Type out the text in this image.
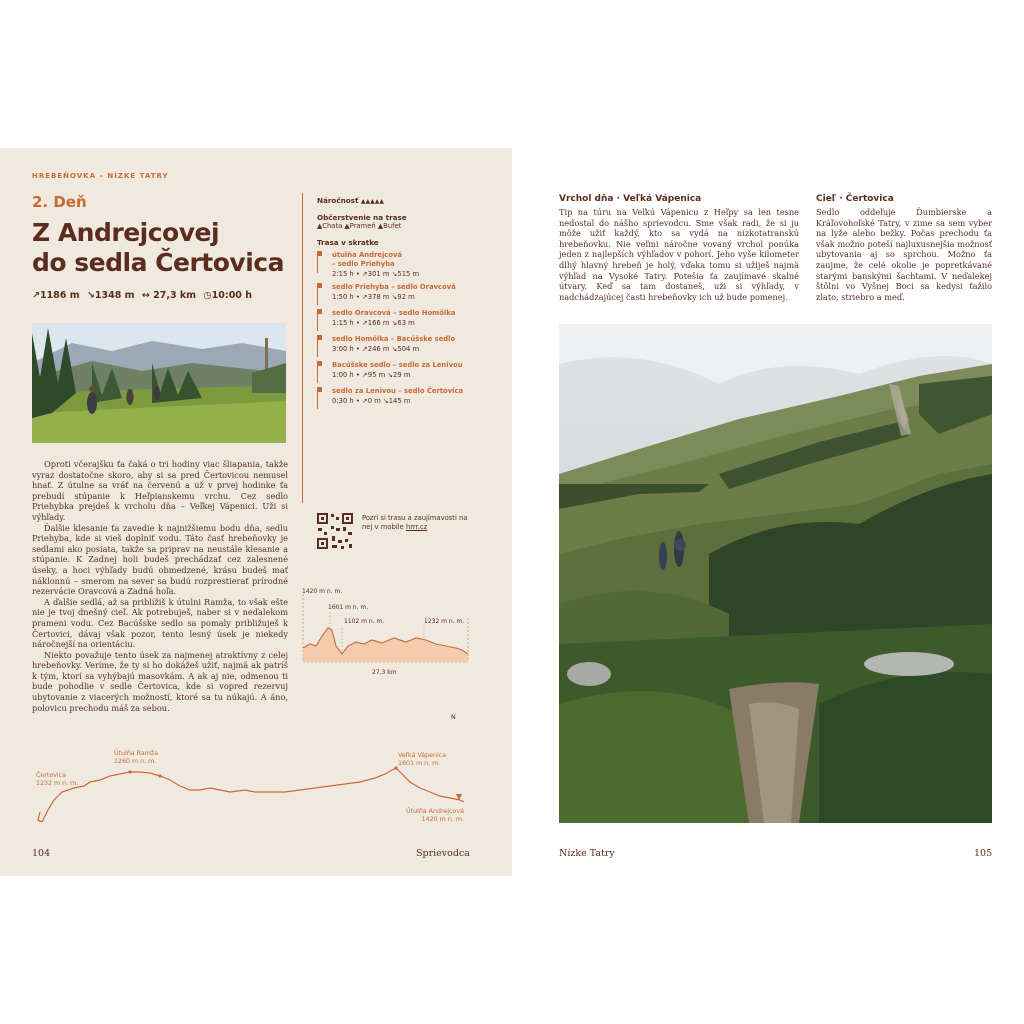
HREBEŇOVKA – NÍZKE TATRY
2. Deň
Z Andrejcovej
do sedla Čertovica
↗1186 m ↘1348 m ↔ 27,3 km ◷10:00 h

Oproti včerajšku ťa čaká o tri hodiny viac šliapania, takže vyraz dostatočne skoro, aby si sa pred Čertovicou nemusel hnať. Z útulne sa vráť na červenú a už v prvej hodinke ťa prebudí stúpanie k Heľpianskemu vrchu. Cez sedlo Priehybka prejdeš k vrcholu dňa – Veľkej Vápenici. Uži si výhľady.

Ďalšie klesanie ťa zavedie k najnižšiemu bodu dňa, sedlu Priehyba, kde si vieš doplniť vodu. Táto časť hrebeňovky je sedlami ako posiata, takže sa priprav na neustále klesanie a stúpanie. K Zadnej holi budeš prechádzať cez zalesnené úseky, a hoci výhľady budú obmedzené, krásu budeš mať náklonnú – smerom na sever sa budú rozprestierať prírodné rezervácie Oravcová a Zadná hoľa.

A ďalšie sedlá, až sa priblížiš k útulni Ramža, to však ešte nie je tvoj dnešný cieľ. Ak potrebuješ, naber si v neďalekom prameni vodu. Cez Bacúšske sedlo sa pomaly približuješ k Čertovici, dávaj však pozor, tento lesný úsek je niekedy náročnejší na orientáciu.

Niekto považuje tento úsek za najmenej atraktívny z celej hrebeňovky. Veríme, že ty si ho dokážeš užiť, najmä ak patríš k tým, ktorí sa vyhýbajú masovkám. A ak aj nie, odmenou ti bude pohodlie v sedle Čertovica, kde si vopred rezervuj ubytovanie z viacerých možností, ktoré sa tu núkajú. A áno, polovicu prechodu máš za sebou.

Náročnosť ▲▲▲▲▲
Občerstvenie na trase
▲Chata ▲Prameň ▲Bufet
Trasa v skratke
útulňa Andrejcová
– sedlo Priehyba
2:15 h • ↗301 m ↘515 m
sedlo Priehyba – sedlo Oravcová
1:50 h • ↗378 m ↘92 m
sedlo Oravcová – sedlo Homôlka
1:15 h • ↗166 m ↘63 m
sedlo Homôlka – Bacúšske sedlo
3:00 h • ↗246 m ↘504 m
Bacúšske sedlo – sedlo za Lenivou
1:00 h • ↗95 m ↘29 m
sedlo za Lenivou – sedlo Čertovica
0:30 h • ↗0 m ↘145 m
Pozri si trasu a zaujímavosti na nej v mobile hrrr.cz
1420 m n. m.
1601 m n. m.
1102 m n. m.	1232 m n. m.
27,3 km
N
Útulňa Ramža
1260 m n. m.
Veľká Vápenica
1601 m n. m.
Čertovica
1232 m n. m.
Útulňa Andrejcová
1420 m n. m.
104	Sprievodca
Vrchol dňa · Veľká Vápenica
Tip na túru na Veľkú Vápenicu z Heľpy sa len tesne nedostal do nášho sprievodcu. Sme však radi, že si ju môže užiť každý, kto sa vydá na nízkotatranskú hrebeňovku. Nie veľmi náročne vovaný vrchol ponúka jeden z najlepších výhľadov v pohorí. Jeho vyše kilometer dlhý hlavný hrebeň je holý, vďaka tomu si užiješ najmä výhľad na Vysoké Tatry. Potešia ťa zaujímavé skalné útvary. Keď sa tam dostaneš, uži si výhľady, v nadchádzajúcej časti hrebeňovky ich už bude pomenej.
Cieľ · Čertovica
Sedlo oddeľuje Ďumbierske a Kráľovohoľské Tatry, v zime sa sem vyber na lyže alebo bežky. Počas prechodu ťa však možno poteší najluxusnejšia možnosť ubytovania aj so sprchou. Možno ťa zaujme, že celé okolie je popretkávané starými banskými šachtami. V neďalekej štôlni vo Vyšnej Boci sa kedysi ťažilo zlato, striebro a meď.
Nízke Tatry	105
